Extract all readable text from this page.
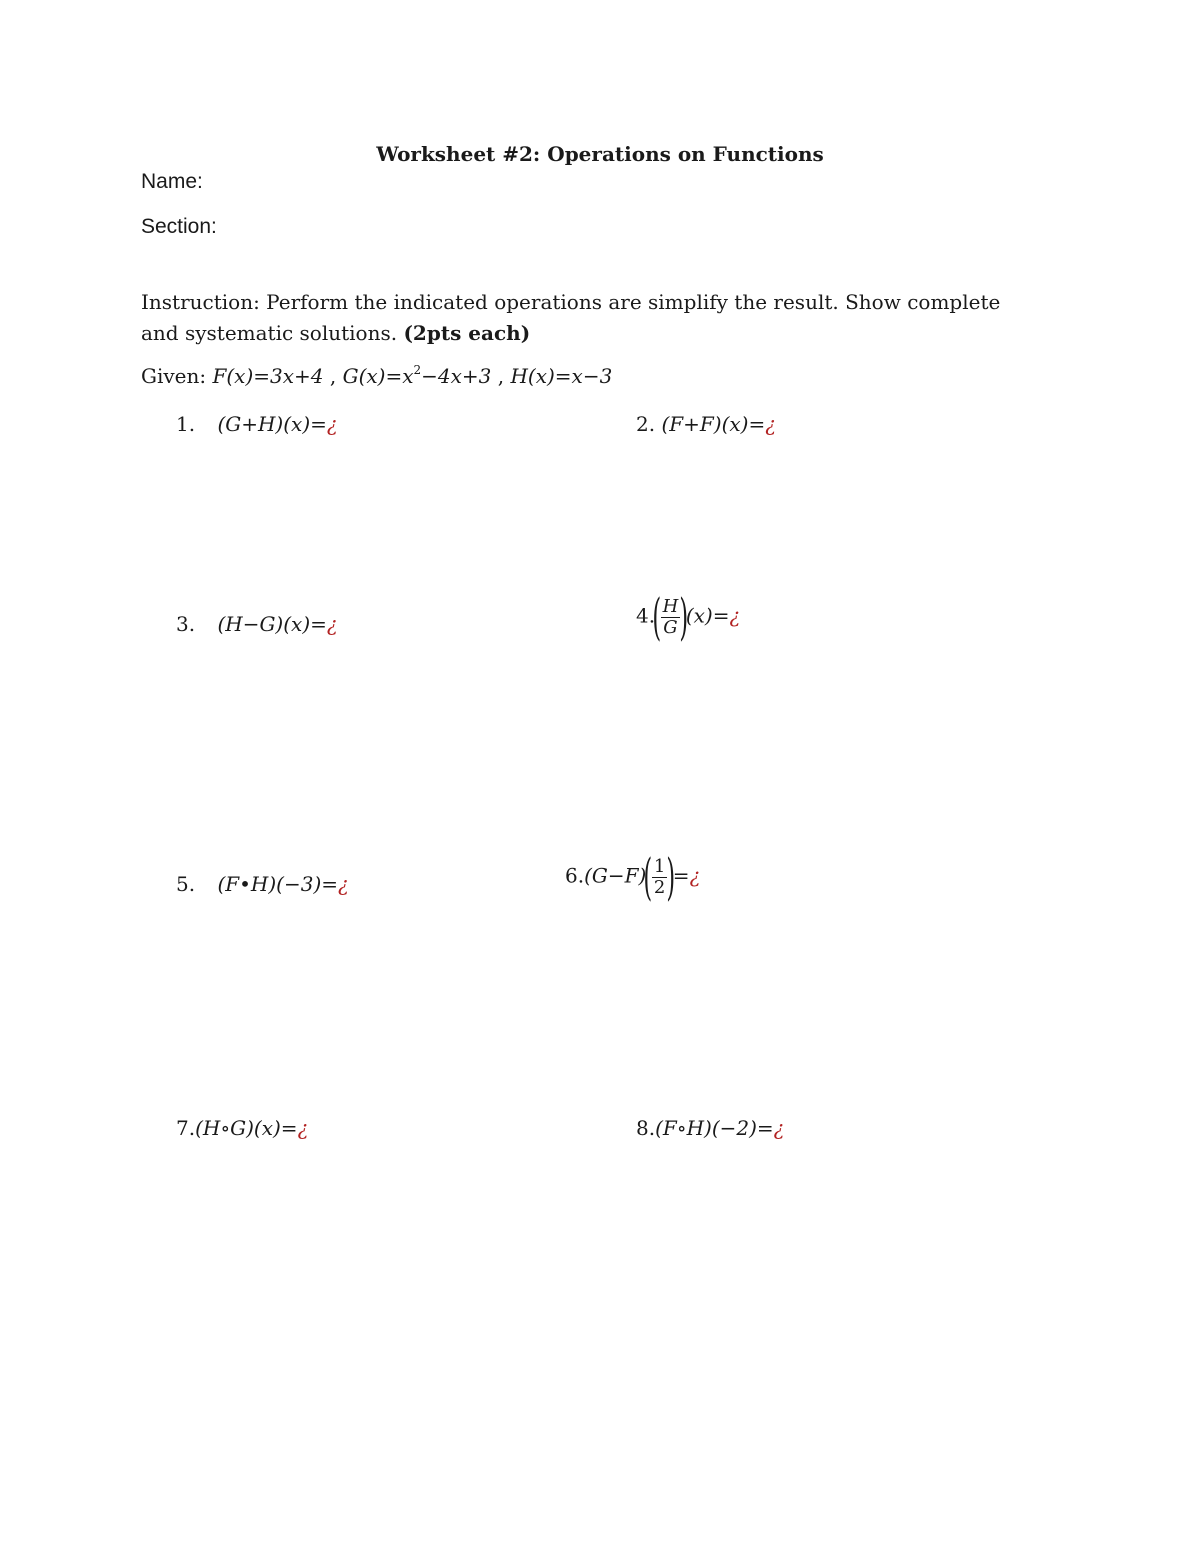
Worksheet #2: Operations on Functions
Name:
Section:
Instruction: Perform the indicated operations are simplify the result. Show complete and systematic solutions. (2pts each)
Given: F(x)=3x+4 , $G(x)=x^2-4x+3$ , H(x)=x−3
1. (G+H)(x)=¿	2. (F+F)(x)=¿
3. (H−G)(x)=¿	$4.( \frac{H}{G}$ )(x)=¿
5. (F•H)(−3)=¿	$6.(G-F)( \frac{1}{2}$ )=¿
7.(H∘G)(x)=¿	8.(F∘H)(−2)=¿
